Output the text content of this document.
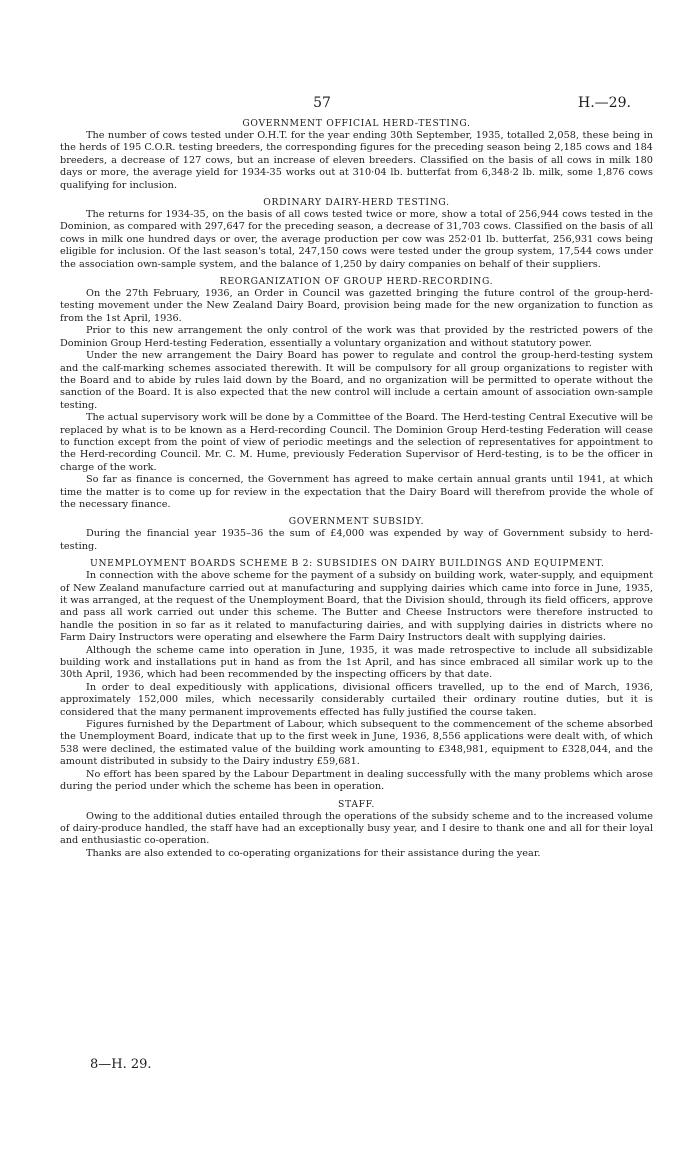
57	H.—29.
GOVERNMENT OFFICIAL HERD-TESTING.

The number of cows tested under O.H.T. for the year ending 30th September, 1935, totalled 2,058, these being in the herds of 195 C.O.R. testing breeders, the corresponding figures for the preceding season being 2,185 cows and 184 breeders, a decrease of 127 cows, but an increase of eleven breeders. Classified on the basis of all cows in milk 180 days or more, the average yield for 1934-35 works out at 310·04 lb. butterfat from 6,348·2 lb. milk, some 1,876 cows qualifying for inclusion.

ORDINARY DAIRY-HERD TESTING.

The returns for 1934-35, on the basis of all cows tested twice or more, show a total of 256,944 cows tested in the Dominion, as compared with 297,647 for the preceding season, a decrease of 31,703 cows. Classified on the basis of all cows in milk one hundred days or over, the average production per cow was 252·01 lb. butterfat, 256,931 cows being eligible for inclusion. Of the last season's total, 247,150 cows were tested under the group system, 17,544 cows under the association own-sample system, and the balance of 1,250 by dairy companies on behalf of their suppliers.

REORGANIZATION OF GROUP HERD-RECORDING.

On the 27th February, 1936, an Order in Council was gazetted bringing the future control of the group-herd-testing movement under the New Zealand Dairy Board, provision being made for the new organization to function as from the 1st April, 1936.

Prior to this new arrangement the only control of the work was that provided by the restricted powers of the Dominion Group Herd-testing Federation, essentially a voluntary organization and without statutory power.

Under the new arrangement the Dairy Board has power to regulate and control the group-herd-testing system and the calf-marking schemes associated therewith. It will be compulsory for all group organizations to register with the Board and to abide by rules laid down by the Board, and no organization will be permitted to operate without the sanction of the Board. It is also expected that the new control will include a certain amount of association own-sample testing.

The actual supervisory work will be done by a Committee of the Board. The Herd-testing Central Executive will be replaced by what is to be known as a Herd-recording Council. The Dominion Group Herd-testing Federation will cease to function except from the point of view of periodic meetings and the selection of representatives for appointment to the Herd-recording Council. Mr. C. M. Hume, previously Federation Supervisor of Herd-testing, is to be the officer in charge of the work.

So far as finance is concerned, the Government has agreed to make certain annual grants until 1941, at which time the matter is to come up for review in the expectation that the Dairy Board will therefrom provide the whole of the necessary finance.

GOVERNMENT SUBSIDY.

During the financial year 1935–36 the sum of £4,000 was expended by way of Government subsidy to herd-testing.

UNEMPLOYMENT BOARDS SCHEME B 2: SUBSIDIES ON DAIRY BUILDINGS AND EQUIPMENT.

In connection with the above scheme for the payment of a subsidy on building work, water-supply, and equipment of New Zealand manufacture carried out at manufacturing and supplying dairies which came into force in June, 1935, it was arranged, at the request of the Unemployment Board, that the Division should, through its field officers, approve and pass all work carried out under this scheme. The Butter and Cheese Instructors were therefore instructed to handle the position in so far as it related to manufacturing dairies, and with supplying dairies in districts where no Farm Dairy Instructors were operating and elsewhere the Farm Dairy Instructors dealt with supplying dairies.

Although the scheme came into operation in June, 1935, it was made retrospective to include all subsidizable building work and installations put in hand as from the 1st April, and has since embraced all similar work up to the 30th April, 1936, which had been recommended by the inspecting officers by that date.

In order to deal expeditiously with applications, divisional officers travelled, up to the end of March, 1936, approximately 152,000 miles, which necessarily considerably curtailed their ordinary routine duties, but it is considered that the many permanent improvements effected has fully justified the course taken.

Figures furnished by the Department of Labour, which subsequent to the commencement of the scheme absorbed the Unemployment Board, indicate that up to the first week in June, 1936, 8,556 applications were dealt with, of which 538 were declined, the estimated value of the building work amounting to £348,981, equipment to £328,044, and the amount distributed in subsidy to the Dairy industry £59,681.

No effort has been spared by the Labour Department in dealing successfully with the many problems which arose during the period under which the scheme has been in operation.

STAFF.

Owing to the additional duties entailed through the operations of the subsidy scheme and to the increased volume of dairy-produce handled, the staff have had an exceptionally busy year, and I desire to thank one and all for their loyal and enthusiastic co-operation.

Thanks are also extended to co-operating organizations for their assistance during the year.

8—H. 29.
